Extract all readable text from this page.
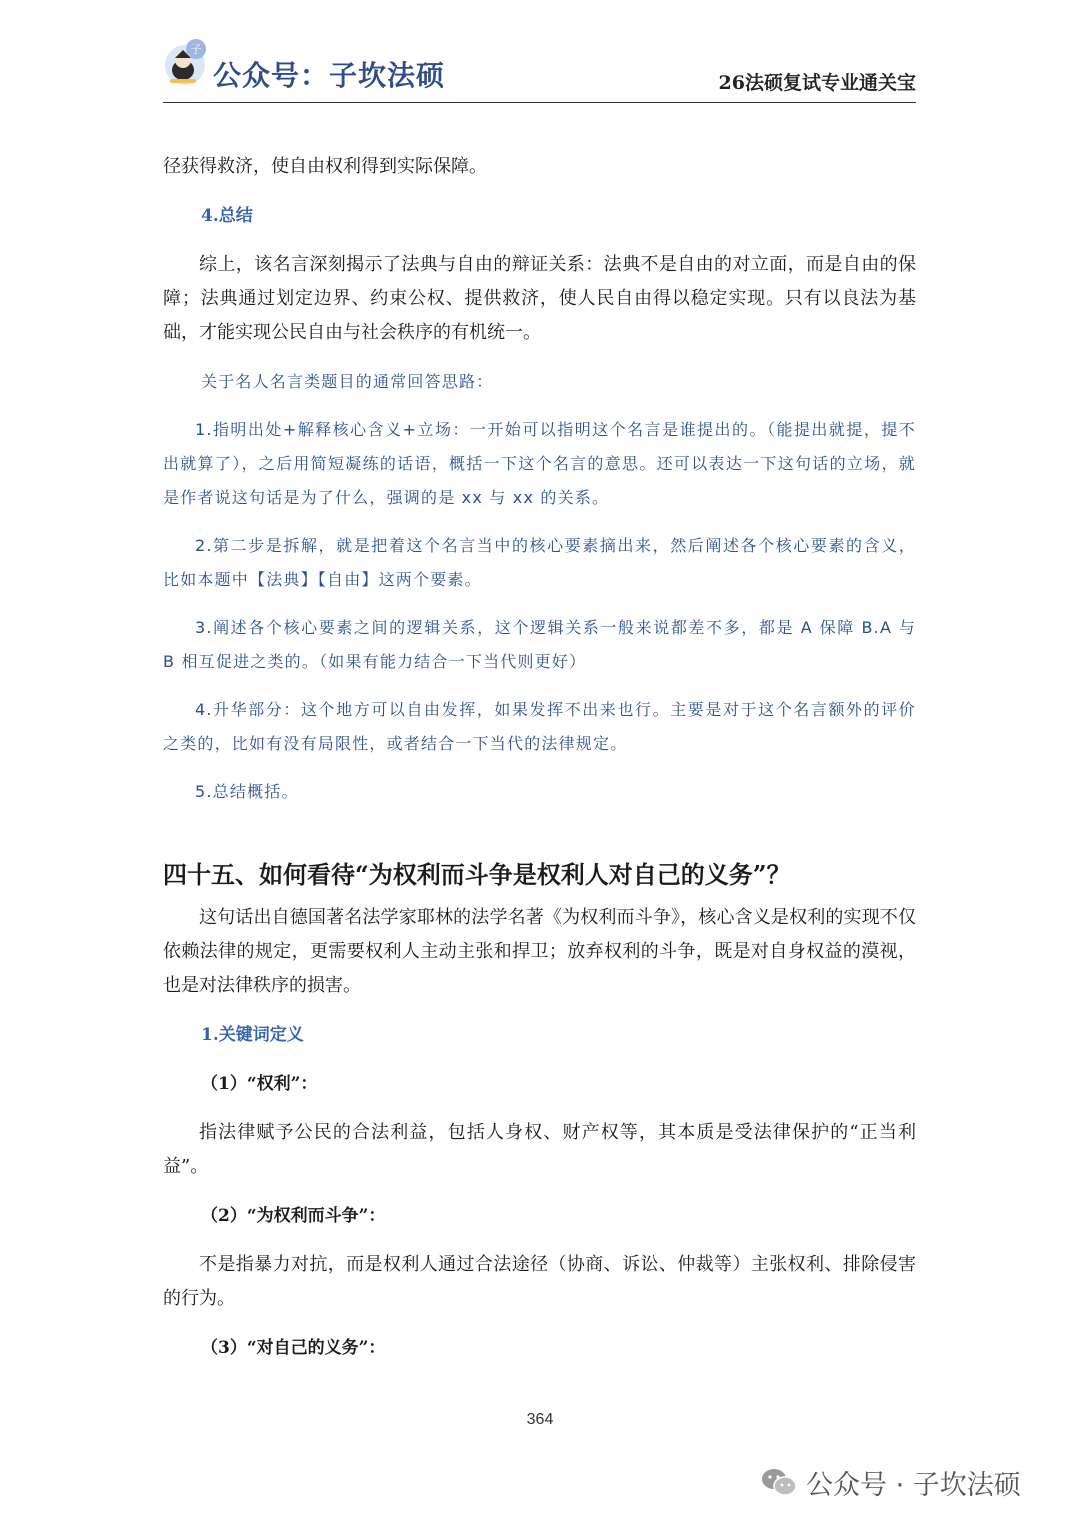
子
公众号：子坎法硕	26法硕复试专业通关宝

径获得救济，使自由权利得到实际保障。

4.总结

综上，该名言深刻揭示了法典与自由的辩证关系：法典不是自由的对立面，而是自由的保障；法典通过划定边界、约束公权、提供救济，使人民自由得以稳定实现。只有以良法为基础，才能实现公民自由与社会秩序的有机统一。

关于名人名言类题目的通常回答思路：

1.指明出处+解释核心含义+立场：一开始可以指明这个名言是谁提出的。（能提出就提，提不出就算了），之后用简短凝练的话语，概括一下这个名言的意思。还可以表达一下这句话的立场，就是作者说这句话是为了什么，强调的是 xx 与 xx 的关系。

2.第二步是拆解，就是把着这个名言当中的核心要素摘出来，然后阐述各个核心要素的含义，比如本题中【法典】【自由】这两个要素。

3.阐述各个核心要素之间的逻辑关系，这个逻辑关系一般来说都差不多，都是 A 保障 B.A 与 B 相互促进之类的。（如果有能力结合一下当代则更好）

4.升华部分：这个地方可以自由发挥，如果发挥不出来也行。主要是对于这个名言额外的评价之类的，比如有没有局限性，或者结合一下当代的法律规定。

5.总结概括。

四十五、如何看待“为权利而斗争是权利人对自己的义务”？

这句话出自德国著名法学家耶林的法学名著《为权利而斗争》，核心含义是权利的实现不仅依赖法律的规定，更需要权利人主动主张和捍卫；放弃权利的斗争，既是对自身权益的漠视，也是对法律秩序的损害。

1.关键词定义

（1）“权利”：

指法律赋予公民的合法利益，包括人身权、财产权等，其本质是受法律保护的“正当利益”。

（2）“为权利而斗争”：

不是指暴力对抗，而是权利人通过合法途径（协商、诉讼、仲裁等）主张权利、排除侵害的行为。

（3）“对自己的义务”：

364
公众号 · 子坎法硕
